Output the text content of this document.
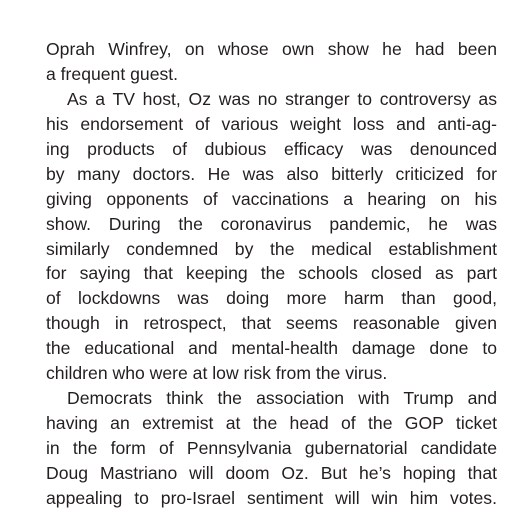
Oprah Winfrey, on whose own show he had been
a frequent guest.
As a TV host, Oz was no stranger to controversy as
his endorsement of various weight loss and anti-ag-
ing products of dubious efficacy was denounced
by many doctors. He was also bitterly criticized for
giving opponents of vaccinations a hearing on his
show. During the coronavirus pandemic, he was
similarly condemned by the medical establishment
for saying that keeping the schools closed as part
of lockdowns was doing more harm than good,
though in retrospect, that seems reasonable given
the educational and mental-health damage done to
children who were at low risk from the virus.
Democrats think the association with Trump and
having an extremist at the head of the GOP ticket
in the form of Pennsylvania gubernatorial candidate
Doug Mastriano will doom Oz. But he’s hoping that
appealing to pro-Israel sentiment will win him votes.
